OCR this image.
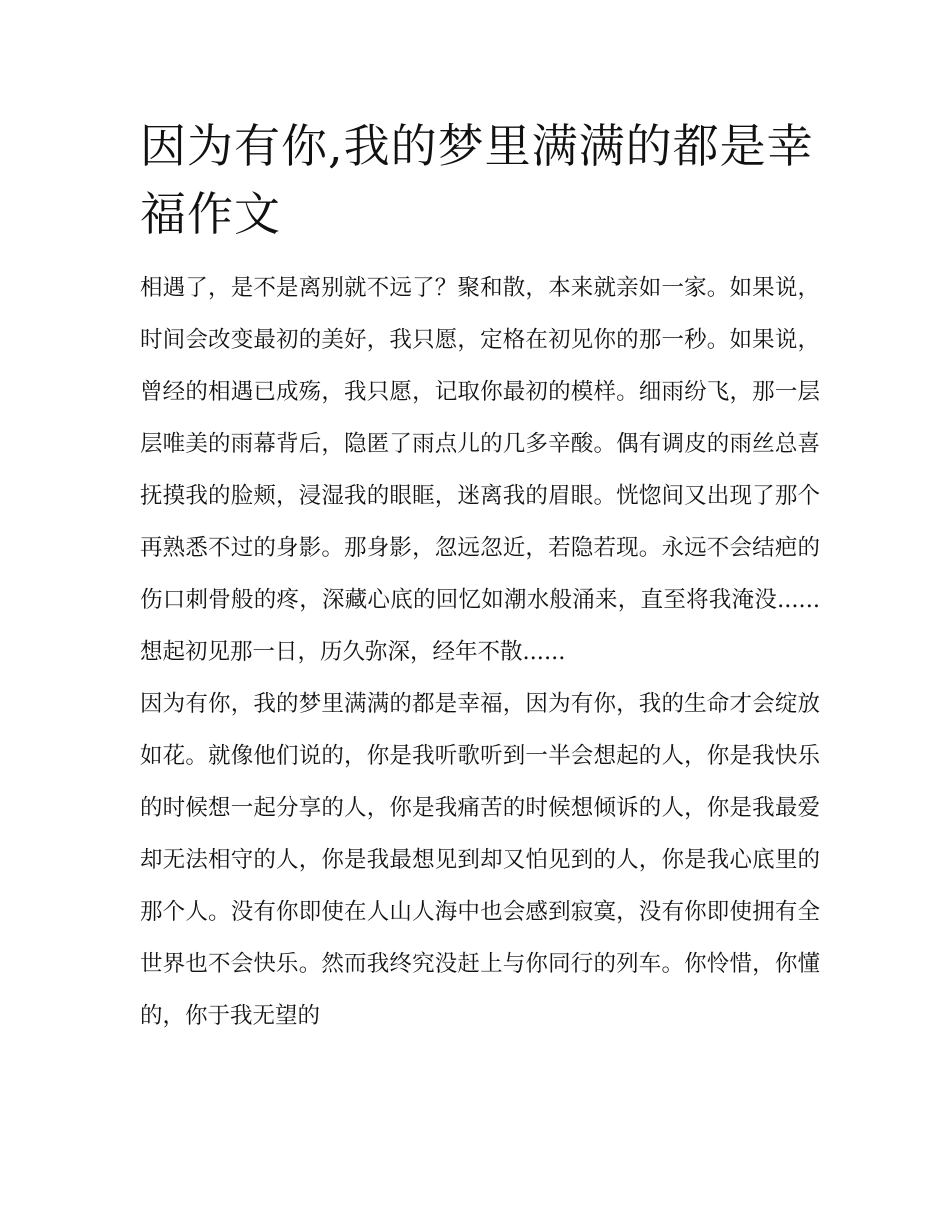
因为有你,我的梦里满满的都是幸福作文

相遇了，是不是离别就不远了？聚和散，本来就亲如一家。如果说，时间会改变最初的美好，我只愿，定格在初见你的那一秒。如果说，曾经的相遇已成殇，我只愿，记取你最初的模样。细雨纷飞，那一层层唯美的雨幕背后，隐匿了雨点儿的几多辛酸。偶有调皮的雨丝总喜抚摸我的脸颊，浸湿我的眼眶，迷离我的眉眼。恍惚间又出现了那个再熟悉不过的身影。那身影，忽远忽近，若隐若现。永远不会结疤的伤口刺骨般的疼，深藏心底的回忆如潮水般涌来，直至将我淹没......想起初见那一日，历久弥深，经年不散......

因为有你，我的梦里满满的都是幸福，因为有你，我的生命才会绽放如花。就像他们说的，你是我听歌听到一半会想起的人，你是我快乐的时候想一起分享的人，你是我痛苦的时候想倾诉的人，你是我最爱却无法相守的人，你是我最想见到却又怕见到的人，你是我心底里的那个人。没有你即使在人山人海中也会感到寂寞，没有你即使拥有全世界也不会快乐。然而我终究没赶上与你同行的列车。你怜惜，你懂的，你于我无望的
